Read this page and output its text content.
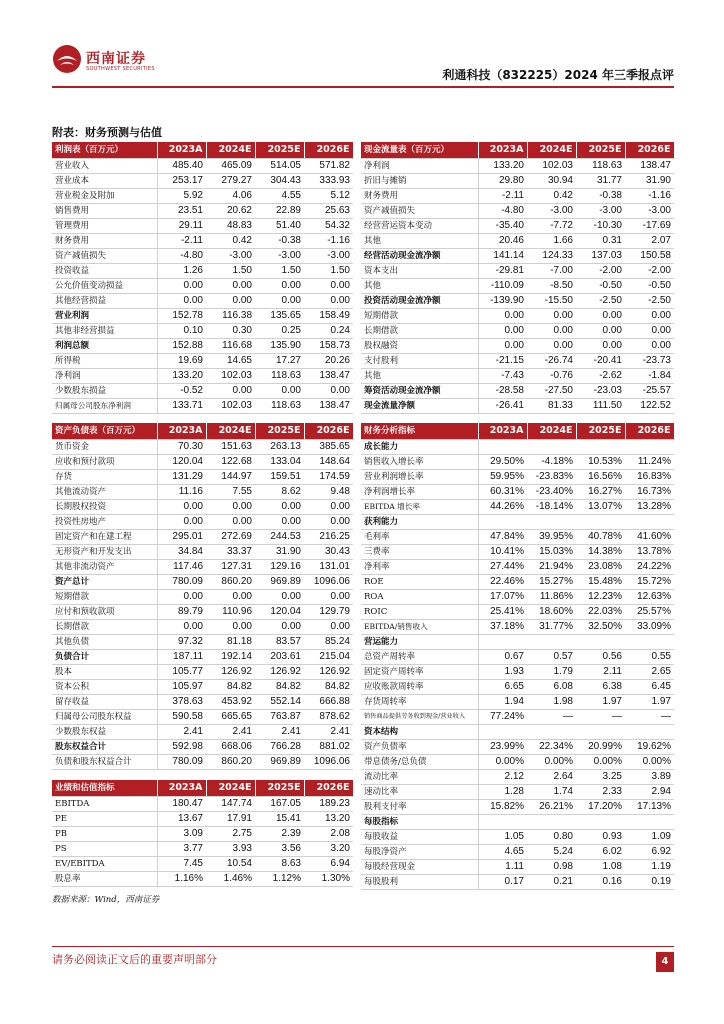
西南证券
SOUTHWEST SECURITIES	利通科技（832225）2024 年三季报点评
附表：财务预测与估值
利润表（百万元）	2023A	2024E	2025E	2026E
营业收入	485.40	465.09	514.05	571.82
营业成本	253.17	279.27	304.43	333.93
营业税金及附加	5.92	4.06	4.55	5.12
销售费用	23.51	20.62	22.89	25.63
管理费用	29.11	48.83	51.40	54.32
财务费用	-2.11	0.42	-0.38	-1.16
资产减值损失	-4.80	-3.00	-3.00	-3.00
投资收益	1.26	1.50	1.50	1.50
公允价值变动损益	0.00	0.00	0.00	0.00
其他经营损益	0.00	0.00	0.00	0.00
营业利润	152.78	116.38	135.65	158.49
其他非经营损益	0.10	0.30	0.25	0.24
利润总额	152.88	116.68	135.90	158.73
所得税	19.69	14.65	17.27	20.26
净利润	133.20	102.03	118.63	138.47
少数股东损益	-0.52	0.00	0.00	0.00
归属母公司股东净利润	133.71	102.03	118.63	138.47
现金流量表（百万元）	2023A	2024E	2025E	2026E
净利润	133.20	102.03	118.63	138.47
折旧与摊销	29.80	30.94	31.77	31.90
财务费用	-2.11	0.42	-0.38	-1.16
资产减值损失	-4.80	-3.00	-3.00	-3.00
经营营运资本变动	-35.40	-7.72	-10.30	-17.69
其他	20.46	1.66	0.31	2.07
经营活动现金流净额	141.14	124.33	137.03	150.58
资本支出	-29.81	-7.00	-2.00	-2.00
其他	-110.09	-8.50	-0.50	-0.50
投资活动现金流净额	-139.90	-15.50	-2.50	-2.50
短期借款	0.00	0.00	0.00	0.00
长期借款	0.00	0.00	0.00	0.00
股权融资	0.00	0.00	0.00	0.00
支付股利	-21.15	-26.74	-20.41	-23.73
其他	-7.43	-0.76	-2.62	-1.84
筹资活动现金流净额	-28.58	-27.50	-23.03	-25.57
现金流量净额	-26.41	81.33	111.50	122.52
资产负债表（百万元）	2023A	2024E	2025E	2026E
货币资金	70.30	151.63	263.13	385.65
应收和预付款项	120.04	122.68	133.04	148.64
存货	131.29	144.97	159.51	174.59
其他流动资产	11.16	7.55	8.62	9.48
长期股权投资	0.00	0.00	0.00	0.00
投资性房地产	0.00	0.00	0.00	0.00
固定资产和在建工程	295.01	272.69	244.53	216.25
无形资产和开发支出	34.84	33.37	31.90	30.43
其他非流动资产	117.46	127.31	129.16	131.01
资产总计	780.09	860.20	969.89	1096.06
短期借款	0.00	0.00	0.00	0.00
应付和预收款项	89.79	110.96	120.04	129.79
长期借款	0.00	0.00	0.00	0.00
其他负债	97.32	81.18	83.57	85.24
负债合计	187.11	192.14	203.61	215.04
股本	105.77	126.92	126.92	126.92
资本公积	105.97	84.82	84.82	84.82
留存收益	378.63	453.92	552.14	666.88
归属母公司股东权益	590.58	665.65	763.87	878.62
少数股东权益	2.41	2.41	2.41	2.41
股东权益合计	592.98	668.06	766.28	881.02
负债和股东权益合计	780.09	860.20	969.89	1096.06
业绩和估值指标	2023A	2024E	2025E	2026E
EBITDA	180.47	147.74	167.05	189.23
PE	13.67	17.91	15.41	13.20
PB	3.09	2.75	2.39	2.08
PS	3.77	3.93	3.56	3.20
EV/EBITDA	7.45	10.54	8.63	6.94
股息率	1.16%	1.46%	1.12%	1.30%
财务分析指标	2023A	2024E	2025E	2026E
成长能力				
销售收入增长率	29.50%	-4.18%	10.53%	11.24%
营业利润增长率	59.95%	-23.83%	16.56%	16.83%
净利润增长率	60.31%	-23.40%	16.27%	16.73%
EBITDA 增长率	44.26%	-18.14%	13.07%	13.28%
获利能力				
毛利率	47.84%	39.95%	40.78%	41.60%
三费率	10.41%	15.03%	14.38%	13.78%
净利率	27.44%	21.94%	23.08%	24.22%
ROE	22.46%	15.27%	15.48%	15.72%
ROA	17.07%	11.86%	12.23%	12.63%
ROIC	25.41%	18.60%	22.03%	25.57%
EBITDA/销售收入	37.18%	31.77%	32.50%	33.09%
营运能力				
总资产周转率	0.67	0.57	0.56	0.55
固定资产周转率	1.93	1.79	2.11	2.65
应收账款周转率	6.65	6.08	6.38	6.45
存货周转率	1.94	1.98	1.97	1.97
销售商品提供劳务收到现金/营业收入	77.24%	—	—	—
资本结构				
资产负债率	23.99%	22.34%	20.99%	19.62%
带息债务/总负债	0.00%	0.00%	0.00%	0.00%
流动比率	2.12	2.64	3.25	3.89
速动比率	1.28	1.74	2.33	2.94
股利支付率	15.82%	26.21%	17.20%	17.13%
每股指标				
每股收益	1.05	0.80	0.93	1.09
每股净资产	4.65	5.24	6.02	6.92
每股经营现金	1.11	0.98	1.08	1.19
每股股利	0.17	0.21	0.16	0.19
数据来源：Wind，西南证券
请务必阅读正文后的重要声明部分	4
